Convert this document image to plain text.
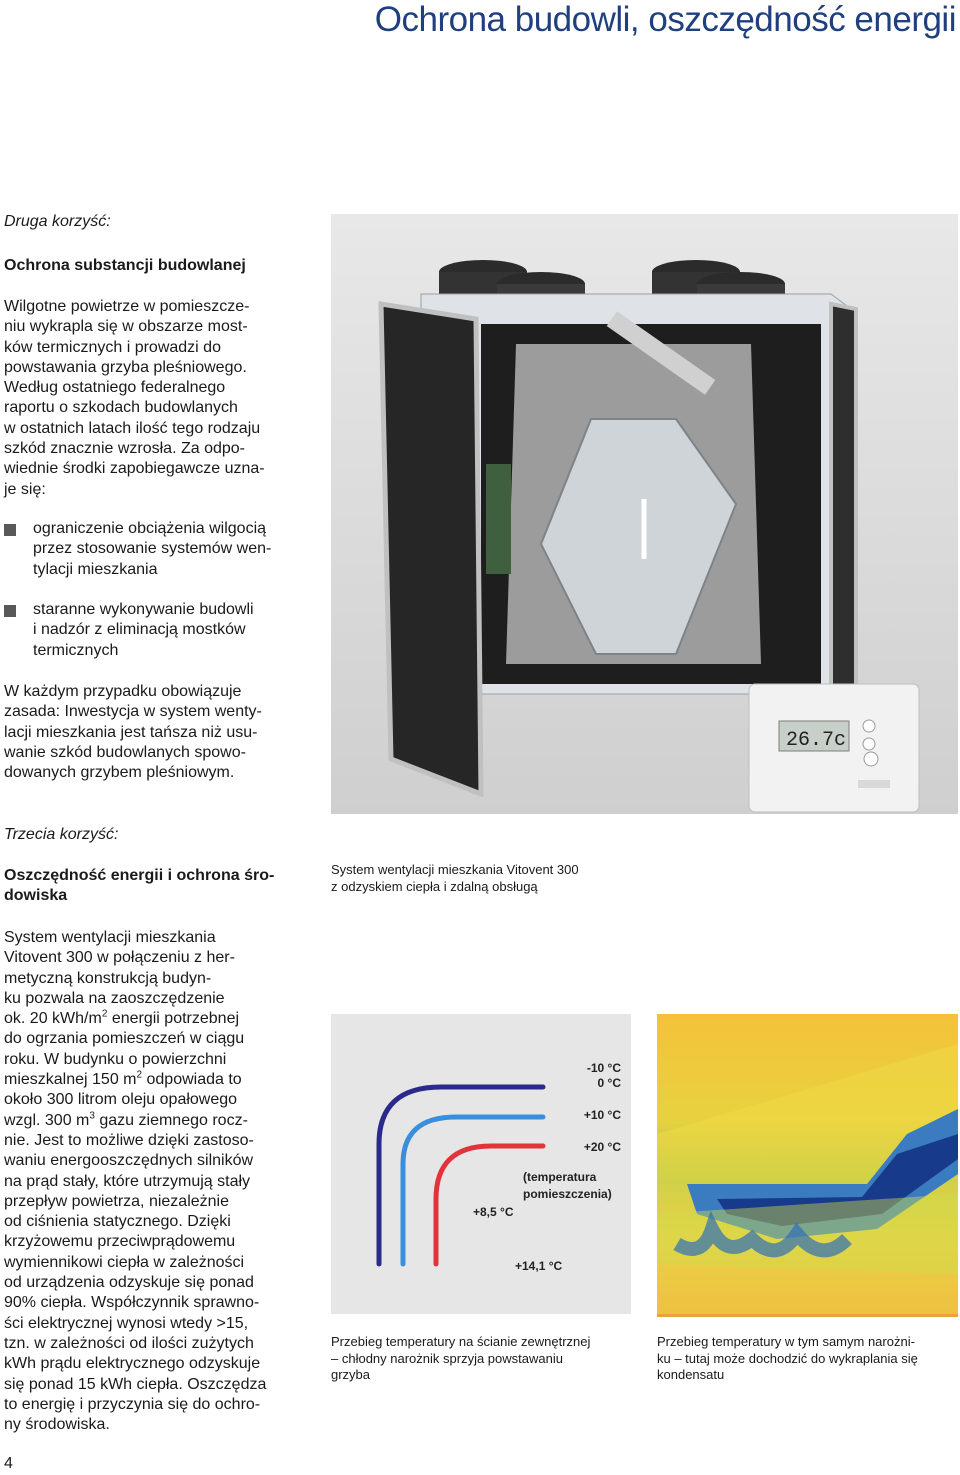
Ochrona budowli, oszczędność energii
Druga korzyść:
Ochrona substancji budowlanej
Wilgotne powietrze w pomieszcze-
niu wykrapla się w obszarze most-
ków termicznych i prowadzi do
powstawania grzyba pleśniowego.
Według ostatniego federalnego
raportu o szkodach budowlanych
w ostatnich latach ilość tego rodzaju
szkód znacznie wzrosła. Za odpo-
wiednie środki zapobiegawcze uzna-
je się:
ograniczenie obciążenia wilgocią
przez stosowanie systemów wen-
tylacji mieszkania
staranne wykonywanie budowli
i nadzór z eliminacją mostków
termicznych
W każdym przypadku obowiązuje
zasada: Inwestycja w system wenty-
lacji mieszkania jest tańsza niż usu-
wanie szkód budowlanych spowo-
dowanych grzybem pleśniowym.
Trzecia korzyść:
Oszczędność energii i ochrona śro-
dowiska
System wentylacji mieszkania
Vitovent 300 w połączeniu z her-
metyczną konstrukcją budyn-
ku pozwala na zaoszczędzenie
ok. 20 kWh/$m^2$ energii potrzebnej
do ogrzania pomieszczeń w ciągu
roku. W budynku o powierzchni
mieszkalnej 150 $m^2$ odpowiada to
około 300 litrom oleju opałowego
wzgl. 300 $m^3$ gazu ziemnego rocz-
nie. Jest to możliwe dzięki zastoso-
waniu energooszczędnych silników
na prąd stały, które utrzymują stały
przepływ powietrza, niezależnie
od ciśnienia statycznego. Dzięki
krzyżowemu przeciwprądowemu
wymiennikowi ciepła w zależności
od urządzenia odzyskuje się ponad
90% ciepła. Współczynnik sprawno-
ści elektrycznej wynosi wtedy >15,
tzn. w zależności od ilości zużytych
kWh prądu elektrycznego odzyskuje
się ponad 15 kWh ciepła. Oszczędza
to energię i przyczynia się do ochro-
ny środowiska.
26.7c
System wentylacji mieszkania Vitovent 300
z odzyskiem ciepła i zdalną obsługą
-10 °C
0 °C
+10 °C
+20 °C
(temperatura
pomieszczenia)
+8,5 °C
+14,1 °C
Przebieg temperatury na ścianie zewnętrznej
– chłodny narożnik sprzyja powstawaniu
grzyba
Przebieg temperatury w tym samym narożni-
ku – tutaj może dochodzić do wykraplania się
kondensatu
4
